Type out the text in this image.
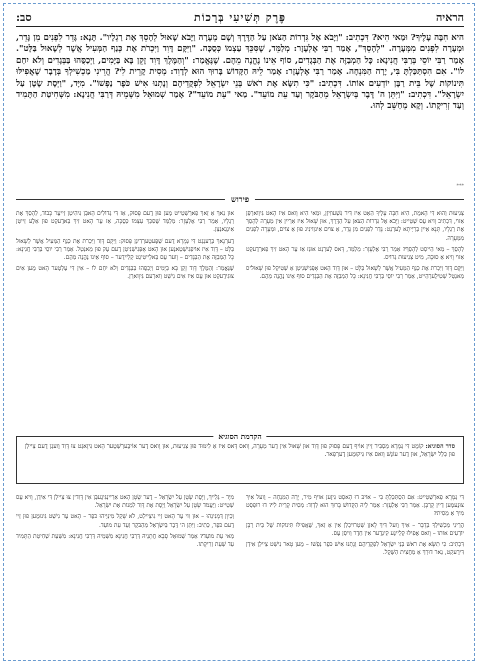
הראיה
פֶּרֶק תְּשִׁיעִי בְּרָכוֹת
סב:
היא חִבָּה עָלֶיךָ? וּמַאי הִיא? דִּכְתִיב: "וַיָּבֹא אֶל גִּדְרוֹת הַצֹּאן עַל הַדֶּרֶךְ וְשָׁם מְעָרָה וַיָּבֹא שָׁאוּל לְהָסֵךְ אֶת רַגְלָיו". תָּנָא: גָּדֵר לִפְנִים מִן גָּדֵר, וּמְעָרָה לִפְנִים מִמְּעָרָה. "לְהָסֵךְ", אָמַר רַבִּי אֶלְעָזָר: מְלַמֵּד, שֶׁסִּכֵּךְ עַצְמוֹ כְּסֻכָּה. "וַיִּקָּם דָּוִד וַיִּכְרֹת אֶת כְּנַף הַמְּעִיל אֲשֶׁר לְשָׁאוּל בַּלָּט". אָמַר רַבִּי יוֹסֵי בְּרַבִּי חֲנִינָא: כָּל הַמְבַזֶּה אֶת הַבְּגָדִים, סוֹף אֵינוֹ נֶהֱנֶה מֵהֶם. שֶׁנֶּאֱמַר: "וְהַמֶּלֶךְ דָּוִד זָקֵן בָּא בַּיָּמִים, וַיְכַסֻּהוּ בַּבְּגָדִים וְלֹא יִחַם לוֹ". אִם הִסְתַּכַּלְתָּ בִּי, יָרָה הַמִּנְחָה. אָמַר רַבִּי אֶלְעָזָר: אָמַר לֵיהּ הַקָּדוֹשׁ בָּרוּךְ הוּא לְדָוִד: מְסִית קָרֵית לִי? הֲרֵינִי מַכְשִׁילְךָ בְּדָבָר שֶׁאֲפִילּוּ תִּינוֹקוֹת שֶׁל בֵּית רַבָּן יוֹדְעִים אוֹתוֹ. דִּכְתִיב: "כִּי תִשָּׂא אֶת רֹאשׁ בְּנֵי יִשְׂרָאֵל לִפְקֻדֵיהֶם וְנָתְנוּ אִישׁ כֹּפֶר נַפְשׁוֹ". מִיָּד, "וַיְּסָת שָׂטָן עַל יִשְׂרָאֵל". דִּכְתִיב: "וַיִּתֵּן ה' דֶּבֶר בְּיִשְׂרָאֵל מֵהַבֹּקֶר וְעַד עֵת מוֹעֵד". מַאי "עֵת מוֹעֵד"? אָמַר שְׁמוּאֵל מִשְּׁמֵיהּ דְּרַבִּי חֲנִינָא: מִשְּׁחִיטַת הַתָּמִיד וְעַד זְרִיקָתוֹ. וְקָא מְחַשֵּׁב לְהוּ.
***
פירוש

צְנִיעוּת וְהוּא דִּי הָאמֶת, הִיא חִבָּה עָלֶיךָ הַאֵט אִיז דִּיר גִּשְׁעוֹוִיזְן, וּמַאי הִיא וָואס אִיז הָאט גִּיוַוארְפְּן אַזוֹי, דִּכְתִיב וָויא עֶס שְׁטֵייט: וַיָּבֹא אֶל גִּדְרוֹת הַצֹּאן עַל הַדֶּרֶךְ, אוּן שָׁאוּל אִיז אַרַיין אִין מְעָרָה לְהָסֵךְ אֶת רַגְלָיו, תָּנָא אֵיין בְּרַיְיתָא לֶערְנְט: גָּדֵר לִפְנִים מִן גָּדֵר, אַ צוֹים אִינוֵוינִיג פוּן אַ צוֹים, וּמְעָרָה לִפְנִים מִמְּעָרָה.

לְהָסֵךְ – מַאי הֵייסְט לְהָסֵךְ? אָמַר רַבִּי אֶלְעָזָר: מְלַמֵּד, דָּאס לֶערְנְט אוּנְז אַז עֶר הָאט זִיךְ פַארְדֶעקְט אַזוֹי וָויא אַ סוּכָּה, מִיט צְנִיעוּת גְּרוֹיס.

וַיִּקָּם דָּוִד וַיִּכְרֹת אֶת כְּנַף הַמְּעִיל אֲשֶׁר לְשָׁאוּל בַּלָּט – אוּן דָּוִד הָאט אָפְּגִישְׁנִיטְן אַ שְׁטִיקְל פוּן שָׁאוּל'ס מַאנְטְל שְׁטִילֶערְהֵייט, אָמַר רַבִּי יוֹסֵי בְּרַבִּי חֲנִינָא: כָּל הַמְבַזֶּה אֶת הַבְּגָדִים סוֹף אֵינוֹ נֶהֱנֶה מֵהֶם.

אוּן נַאךְ אַ זַאךְ פַארְשְׁטֵייט מֶען פוּן דֶעם פָּסוּק, אַז דִּי גְּדוֹלִים הָאבְּן גִּיהִיטְן זֵייעֶר כָּבוֹד, לְהָסֵךְ אֶת רַגְלָיו, אָמַר רַבִּי אֶלְעָזָר: מְלַמֵּד שֶׁסִּכֵּךְ עַצְמוֹ כְּסֻכָּה, אַז עֶר הָאט זִיךְ בַּאדֶעקְט פוּן אַלֶע זַייטְן אִינְגַאנְצְן.

דֶערְנָאךְ בְּרֶענְגְט דִּי גְּמָרָא דֶעם שְׁפֶּעטֶערְדִיגְן פָּסוּק: וַיִּקָּם דָּוִד וַיִּכְרֹת אֶת כְּנַף הַמְּעִיל אֲשֶׁר לְשָׁאוּל בַּלָּט – דָּוִד אִיז אוֹיפְגִישְׁטַאנֶען אוּן הָאט אָפְּגִישְׁנִיטְן דֶעם עֶק פוּן מַאנְטְל. אָמַר רַבִּי יוֹסֵי בְּרַבִּי חֲנִינָא: כָּל הַמְבַזֶּה אֶת הַבְּגָדִים – וָוער עֶס בַּאלֵייטִיגְט קְלֵיידֶער – סוֹף אֵינוֹ נֶהֱנֶה מֵהֶם.

שֶׁנֶּאֱמַר: וְהַמֶּלֶךְ דָּוִד זָקֵן בָּא בַּיָּמִים וַיְכַסֻּהוּ בַּבְּגָדִים וְלֹא יִחַם לוֹ – אִין דִּי עֶלְטֶער הָאט מֶען אִים צוּגִידֶעקְט אוּן עֶס אִיז אִים נִישְׁט וַוארְעם גִּיוָוארְן.

הקדמת הסוגיא
סדר הסוגיא: קוֹמֶט דִּי גְּמָרָא מַסְבִּיר זַיין אוֹיף דֶעם פָּסוּק פוּן דָּוִד אוּן שָׁאוּל אִין דֶער מְעָרָה, וָואס דָּאס אִיז אַ לִימּוּד פוּן צְנִיעוּת, אוּן וָואס דֶער אוֹיבֶּערְשְׁטֶער הָאט גִּיזָאגְט צוּ דָּוִד וֶועגְן דֶעם צֵיילְן פוּן כְּלַל יִשְׂרָאֵל, אוּן דֶער עוֹנֶשׁ וָואס אִיז גִּיקוּמֶען דֶערְפַאר.

דִּי גְּמָרָא פַארְשְׁטֵייט: אִם הִסְתַּכַּלְתָּ בִּי – אוֹיבּ דוּ הָאסְט גִּיזֶען אוֹיף מִיר, יָרָה הַמִּנְחָה – וֶועל אִיךְ צוּנֶעמֶען דַיין קָרְבָּן. אָמַר רַבִּי אֶלְעָזָר: אָמַר לֵיהּ הַקָּדוֹשׁ בָּרוּךְ הוּא לְדָוִד: מְסִית קָרֵית לִי? דוּ רוּפְסְט מִיךְ אַ מֵסִית?

הֲרֵינִי מַכְשִׁילְךָ בְּדָבָר – אִיךְ וֶועל דִּיךְ לָאזְן שְׁטְרוֹיכְלְן אִין אַ זַאךְ, שֶׁאֲפִילּוּ תִּינוֹקוֹת שֶׁל בֵּית רַבָּן יוֹדְעִים אוֹתוֹ – וָואס אֲפִילּוּ קְלֵיינֶע קִינְדֶער אִין חֵדֶר וֵויסְן עֶס.

דִּכְתִיב: כִּי תִשָּׂא אֶת רֹאשׁ בְּנֵי יִשְׂרָאֵל לִפְקֻדֵיהֶם וְנָתְנוּ אִישׁ כֹּפֶר נַפְשׁוֹ – מֶען טָאר נִישְׁט צֵיילְן אִידְן דִּירֶעקְט, נַאר דוּרְךְ אַ מַחֲצִית הַשֶּׁקֶל.

מִיָּד – גְּלֵייךְ, וַיָּסֶת שָׂטָן עַל יִשְׂרָאֵל – דֶער שָׂטָן הָאט אַרַיינְגִּיגֶעבְּן אִין דָּוִד'ן צוּ צֵיילְן דִּי אִידְן, וָויא עֶס שְׁטֵייט: וַיַּעֲמֹד שָׂטָן עַל יִשְׂרָאֵל וַיָּסֶת אֶת דָּוִד לִמְנוֹת אֶת יִשְׂרָאֵל.

וְכֵיוָן דְּמָנִינְהוּ – אוּן וִוי עֶר הָאט זֵיי גִּיצֵיילְט, לֹא שָׁקַל מִינַּיְיהוּ כֹּפֶר – הָאט עֶר נִישְׁט גִּינוּמֶען פוּן זֵיי דֶעם כֹּפֶר, כְּתִיב: וַיִּתֵּן ה' דֶּבֶר בְּיִשְׂרָאֵל מֵהַבֹּקֶר וְעַד עֵת מוֹעֵד.

מַאי עֵת מוֹעֵד? אָמַר שְׁמוּאֵל סָבָא חֲתָנֵיהּ דְּרַבִּי חֲנִינָא מִשְּׁמֵיהּ דְּרַבִּי חֲנִינָא: מִשְּׁעַת שְׁחִיטַת הַתָּמִיד עַד שְׁעַת זְרִיקָתוֹ.
